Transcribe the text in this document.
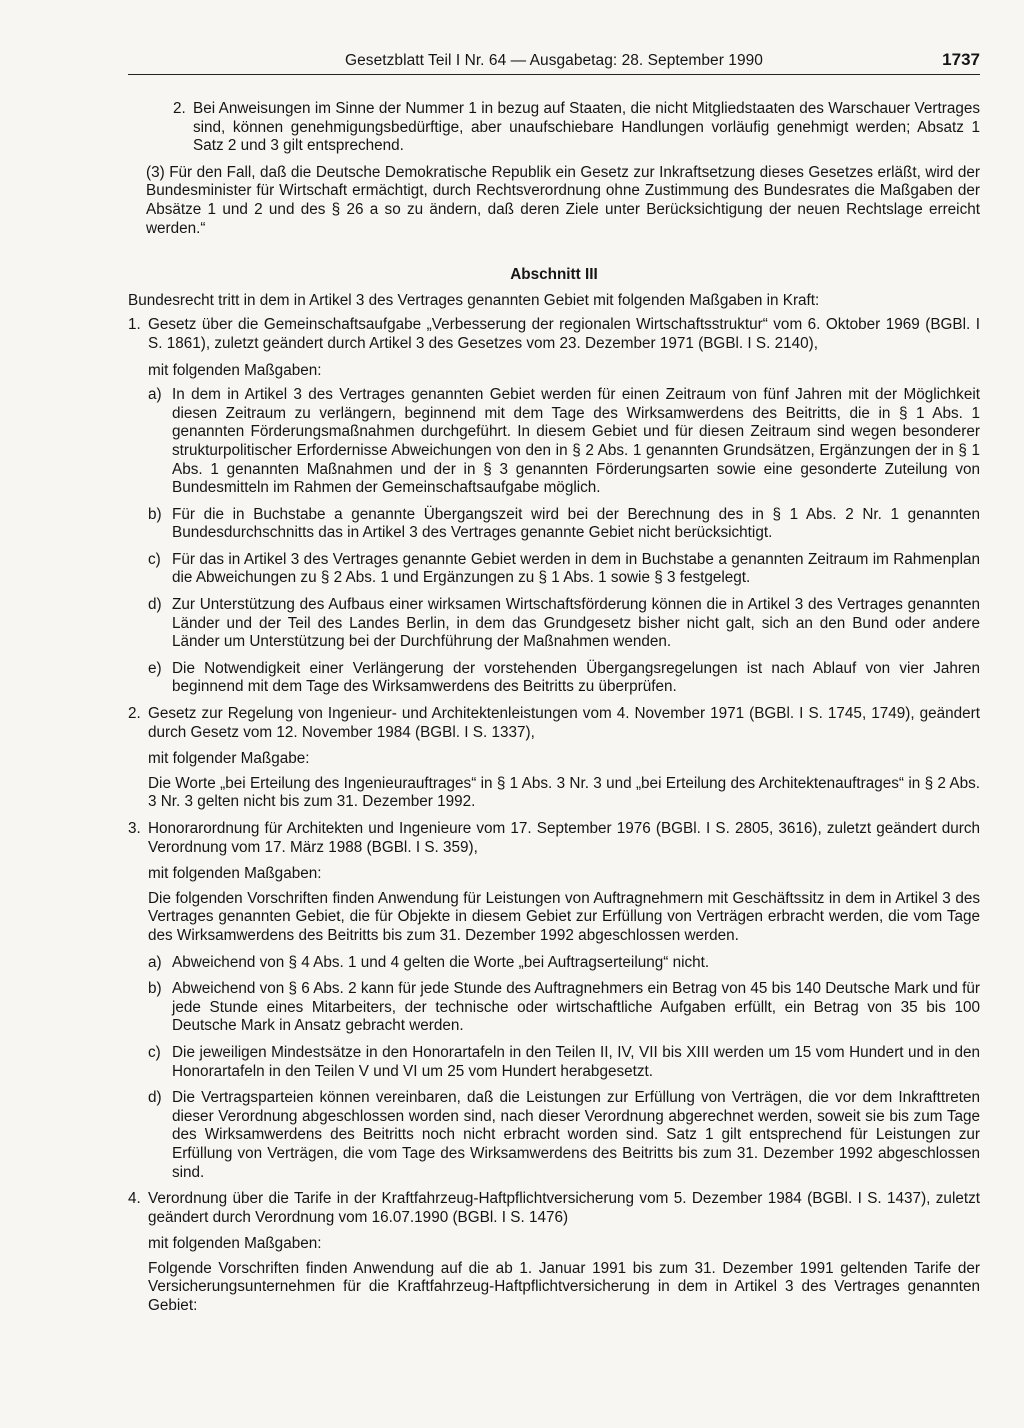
Gesetzblatt Teil I Nr. 64 — Ausgabetag: 28. September 1990	1737
2. Bei Anweisungen im Sinne der Nummer 1 in bezug auf Staaten, die nicht Mitgliedstaaten des Warschauer Vertrages sind, können genehmigungsbedürftige, aber unaufschiebare Handlungen vorläufig genehmigt werden; Absatz 1 Satz 2 und 3 gilt entsprechend.

(3) Für den Fall, daß die Deutsche Demokratische Republik ein Gesetz zur Inkraftsetzung dieses Gesetzes erläßt, wird der Bundesminister für Wirtschaft ermächtigt, durch Rechtsverordnung ohne Zustimmung des Bundesrates die Maßgaben der Absätze 1 und 2 und des § 26 a so zu ändern, daß deren Ziele unter Berücksichtigung der neuen Rechtslage erreicht werden.“

Abschnitt III

Bundesrecht tritt in dem in Artikel 3 des Vertrages genannten Gebiet mit folgenden Maßgaben in Kraft:

1. Gesetz über die Gemeinschaftsaufgabe „Verbesserung der regionalen Wirtschaftsstruktur“ vom 6. Oktober 1969 (BGBl. I S. 1861), zuletzt geändert durch Artikel 3 des Gesetzes vom 23. Dezember 1971 (BGBl. I S. 2140),

mit folgenden Maßgaben:

a) In dem in Artikel 3 des Vertrages genannten Gebiet werden für einen Zeitraum von fünf Jahren mit der Möglichkeit diesen Zeitraum zu verlängern, beginnend mit dem Tage des Wirksamwerdens des Beitritts, die in § 1 Abs. 1 genannten Förderungsmaßnahmen durchgeführt. In diesem Gebiet und für diesen Zeitraum sind wegen besonderer strukturpolitischer Erfordernisse Abweichungen von den in § 2 Abs. 1 genannten Grundsätzen, Ergänzungen der in § 1 Abs. 1 genannten Maßnahmen und der in § 3 genannten Förderungsarten sowie eine gesonderte Zuteilung von Bundesmitteln im Rahmen der Gemeinschaftsaufgabe möglich.
b) Für die in Buchstabe a genannte Übergangszeit wird bei der Berechnung des in § 1 Abs. 2 Nr. 1 genannten Bundesdurchschnitts das in Artikel 3 des Vertrages genannte Gebiet nicht berücksichtigt.
c) Für das in Artikel 3 des Vertrages genannte Gebiet werden in dem in Buchstabe a genannten Zeitraum im Rahmenplan die Abweichungen zu § 2 Abs. 1 und Ergänzungen zu § 1 Abs. 1 sowie § 3 festgelegt.
d) Zur Unterstützung des Aufbaus einer wirksamen Wirtschaftsförderung können die in Artikel 3 des Vertrages genannten Länder und der Teil des Landes Berlin, in dem das Grundgesetz bisher nicht galt, sich an den Bund oder andere Länder um Unterstützung bei der Durchführung der Maßnahmen wenden.
e) Die Notwendigkeit einer Verlängerung der vorstehenden Übergangsregelungen ist nach Ablauf von vier Jahren beginnend mit dem Tage des Wirksamwerdens des Beitritts zu überprüfen.
2. Gesetz zur Regelung von Ingenieur- und Architektenleistungen vom 4. November 1971 (BGBl. I S. 1745, 1749), geändert durch Gesetz vom 12. November 1984 (BGBl. I S. 1337),

mit folgender Maßgabe:

Die Worte „bei Erteilung des Ingenieurauftrages“ in § 1 Abs. 3 Nr. 3 und „bei Erteilung des Architektenauftrages“ in § 2 Abs. 3 Nr. 3 gelten nicht bis zum 31. Dezember 1992.

3. Honorarordnung für Architekten und Ingenieure vom 17. September 1976 (BGBl. I S. 2805, 3616), zuletzt geändert durch Verordnung vom 17. März 1988 (BGBl. I S. 359),

mit folgenden Maßgaben:

Die folgenden Vorschriften finden Anwendung für Leistungen von Auftragnehmern mit Geschäftssitz in dem in Artikel 3 des Vertrages genannten Gebiet, die für Objekte in diesem Gebiet zur Erfüllung von Verträgen erbracht werden, die vom Tage des Wirksamwerdens des Beitritts bis zum 31. Dezember 1992 abgeschlossen werden.

a) Abweichend von § 4 Abs. 1 und 4 gelten die Worte „bei Auftragserteilung“ nicht.
b) Abweichend von § 6 Abs. 2 kann für jede Stunde des Auftragnehmers ein Betrag von 45 bis 140 Deutsche Mark und für jede Stunde eines Mitarbeiters, der technische oder wirtschaftliche Aufgaben erfüllt, ein Betrag von 35 bis 100 Deutsche Mark in Ansatz gebracht werden.
c) Die jeweiligen Mindestsätze in den Honorartafeln in den Teilen II, IV, VII bis XIII werden um 15 vom Hundert und in den Honorartafeln in den Teilen V und VI um 25 vom Hundert herabgesetzt.
d) Die Vertragsparteien können vereinbaren, daß die Leistungen zur Erfüllung von Verträgen, die vor dem Inkrafttreten dieser Verordnung abgeschlossen worden sind, nach dieser Verordnung abgerechnet werden, soweit sie bis zum Tage des Wirksamwerdens des Beitritts noch nicht erbracht worden sind. Satz 1 gilt entsprechend für Leistungen zur Erfüllung von Verträgen, die vom Tage des Wirksamwerdens des Beitritts bis zum 31. Dezember 1992 abgeschlossen sind.
4. Verordnung über die Tarife in der Kraftfahrzeug-Haftpflichtversicherung vom 5. Dezember 1984 (BGBl. I S. 1437), zuletzt geändert durch Verordnung vom 16.07.1990 (BGBl. I S. 1476)

mit folgenden Maßgaben:

Folgende Vorschriften finden Anwendung auf die ab 1. Januar 1991 bis zum 31. Dezember 1991 geltenden Tarife der Versicherungsunternehmen für die Kraftfahrzeug-Haftpflichtversicherung in dem in Artikel 3 des Vertrages genannten Gebiet:
